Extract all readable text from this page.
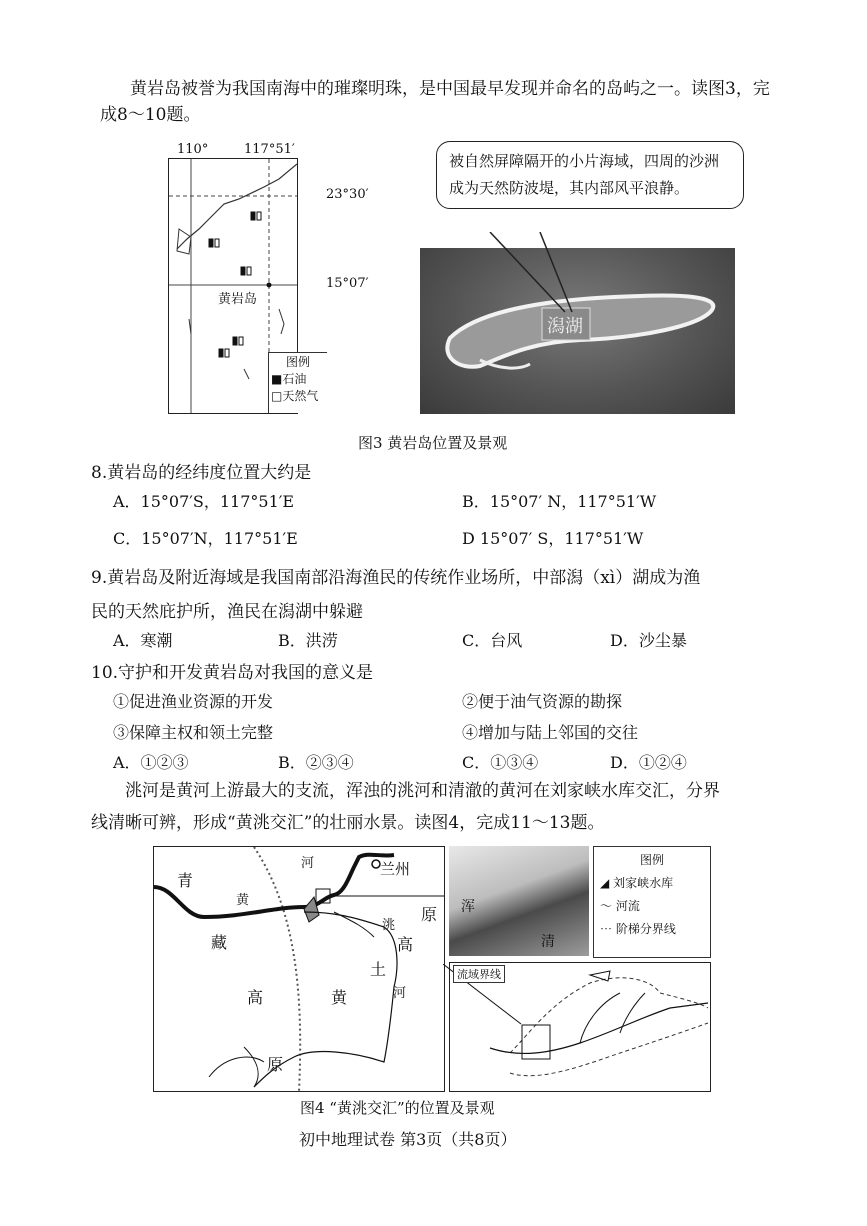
黄岩岛被誉为我国南海中的璀璨明珠，是中国最早发现并命名的岛屿之一。读图3，完成8～10题。
110°	117°51′
23°30′
15°07′
黄岩岛
图例
■石油
□天然气
潟湖
被自然屏障隔开的小片海域，四周的沙洲成为天然防波堤，其内部风平浪静。
图3 黄岩岛位置及景观
8.黄岩岛的经纬度位置大约是
A．15°07′S，117°51′E	B．15°07′ N，117°51′W
C．15°07′N，117°51′E	D 15°07′ S，117°51′W
9.黄岩岛及附近海域是我国南部沿海渔民的传统作业场所，中部潟（xì）湖成为渔
民的天然庇护所，渔民在潟湖中躲避
A．寒潮	B．洪涝	C．台风	D．沙尘暴
10.守护和开发黄岩岛对我国的意义是
①促进渔业资源的开发	②便于油气资源的勘探
③保障主权和领土完整	④增加与陆上邻国的交往
A．①②③	B．②③④	C．①③④	D．①②④
洮河是黄河上游最大的支流，浑浊的洮河和清澈的黄河在刘家峡水库交汇，分界
线清晰可辨，形成“黄洮交汇”的壮丽水景。读图4，完成11～13题。
青
藏
高
原
黄
河	兰州
洮
河
高
土
黄
原 浑
清
图例
◢ 刘家峡水库
～ 河流
⋯ 阶梯分界线
流域界线
图4 “黄洮交汇”的位置及景观
初中地理试卷 第3页（共8页）
